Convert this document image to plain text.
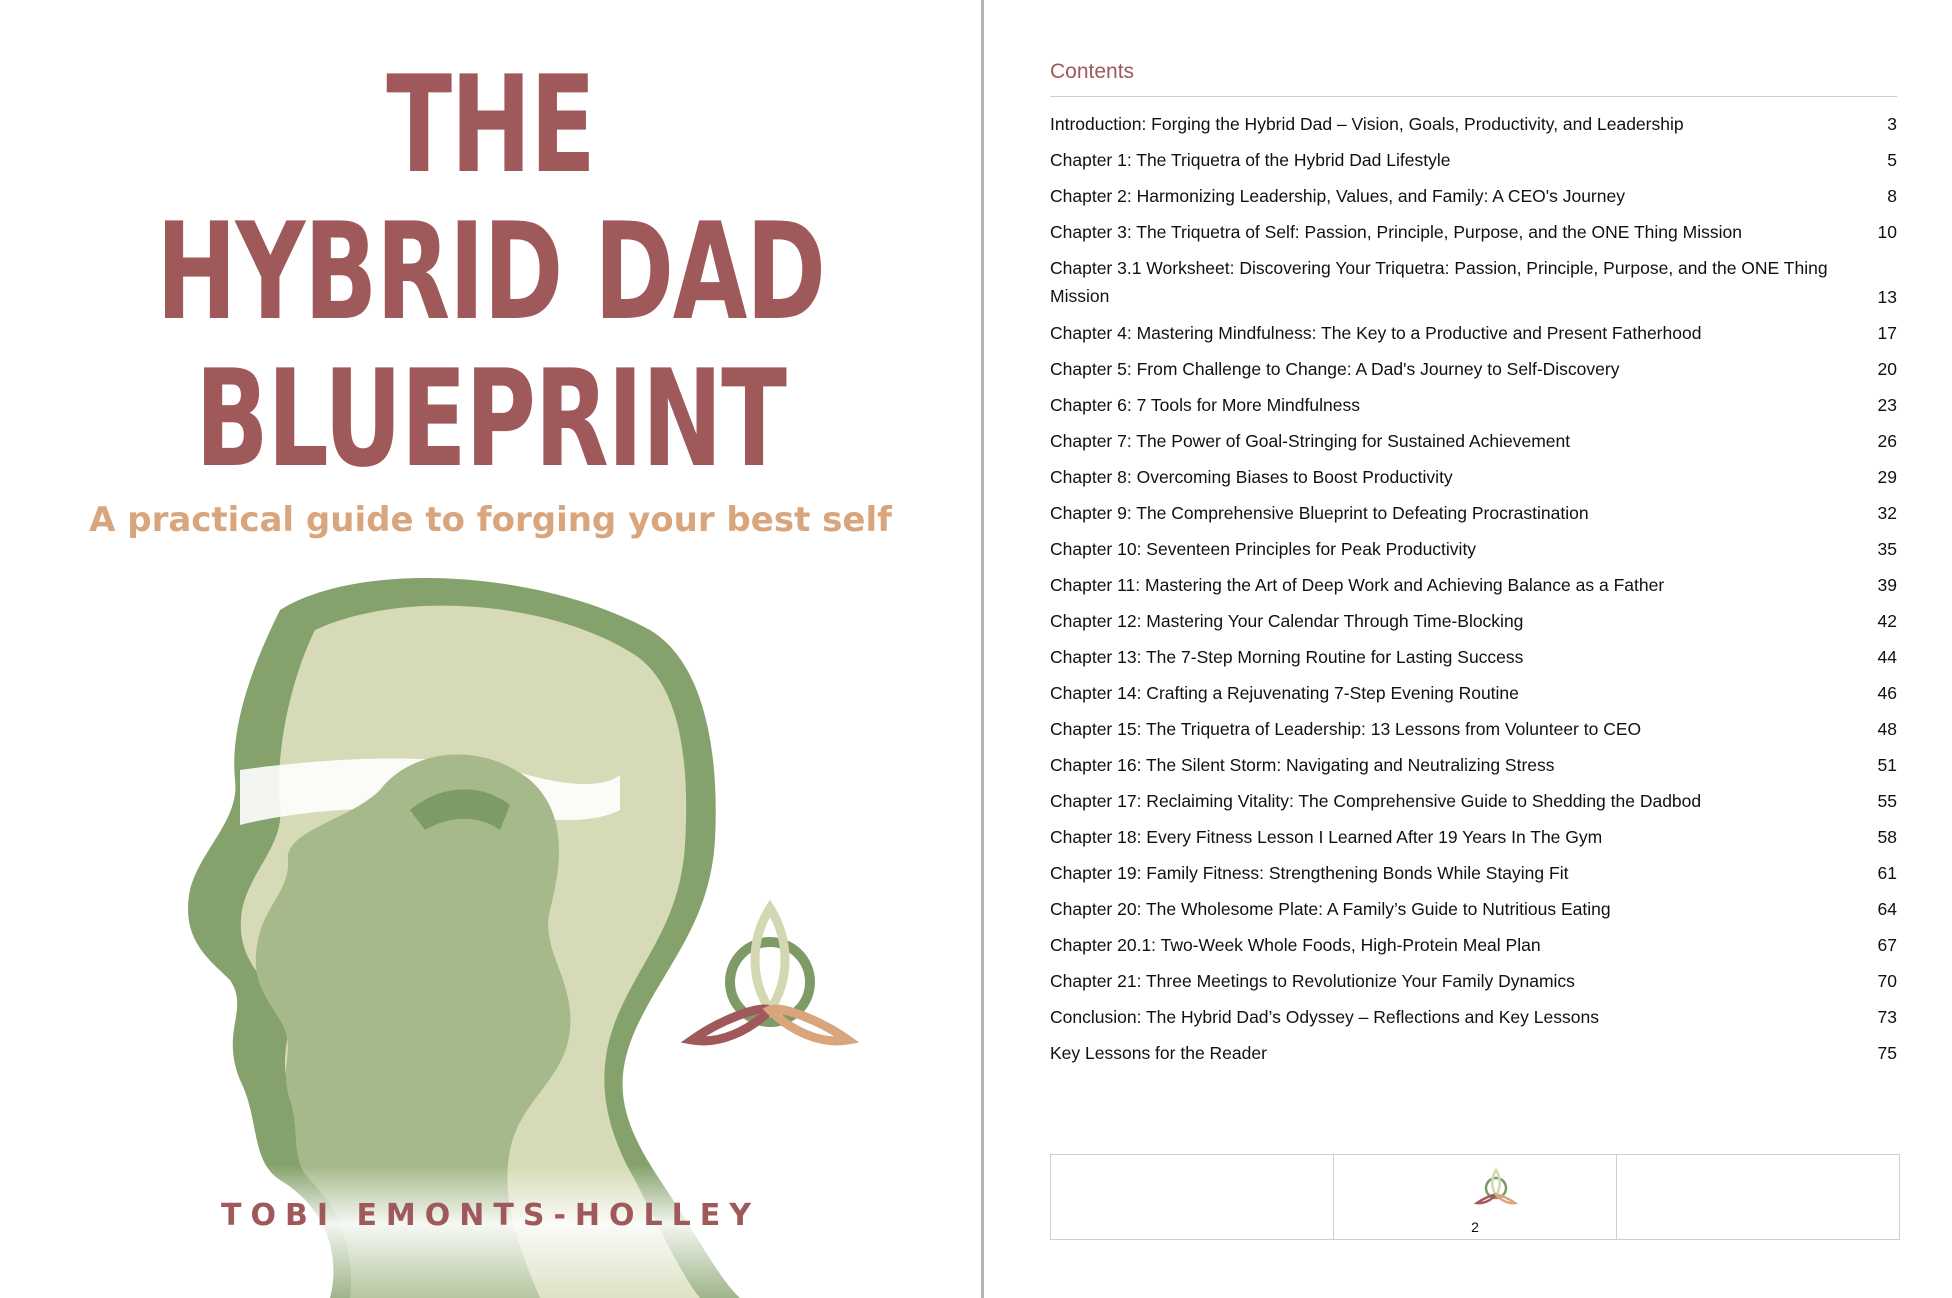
THE
HYBRID DAD
BLUEPRINT
A practical guide to forging your best self
TOBI EMONTS-HOLLEY
Contents
Introduction: Forging the Hybrid Dad – Vision, Goals, Productivity, and Leadership	3
Chapter 1: The Triquetra of the Hybrid Dad Lifestyle	5
Chapter 2: Harmonizing Leadership, Values, and Family: A CEO's Journey	8
Chapter 3: The Triquetra of Self: Passion, Principle, Purpose, and the ONE Thing Mission	10
Chapter 3.1 Worksheet: Discovering Your Triquetra: Passion, Principle, Purpose, and the ONE Thing Mission	13
Chapter 4: Mastering Mindfulness: The Key to a Productive and Present Fatherhood	17
Chapter 5: From Challenge to Change: A Dad's Journey to Self-Discovery	20
Chapter 6: 7 Tools for More Mindfulness	23
Chapter 7: The Power of Goal-Stringing for Sustained Achievement	26
Chapter 8: Overcoming Biases to Boost Productivity	29
Chapter 9: The Comprehensive Blueprint to Defeating Procrastination	32
Chapter 10: Seventeen Principles for Peak Productivity	35
Chapter 11: Mastering the Art of Deep Work and Achieving Balance as a Father	39
Chapter 12: Mastering Your Calendar Through Time-Blocking	42
Chapter 13: The 7-Step Morning Routine for Lasting Success	44
Chapter 14: Crafting a Rejuvenating 7-Step Evening Routine	46
Chapter 15: The Triquetra of Leadership: 13 Lessons from Volunteer to CEO	48
Chapter 16: The Silent Storm: Navigating and Neutralizing Stress	51
Chapter 17: Reclaiming Vitality: The Comprehensive Guide to Shedding the Dadbod	55
Chapter 18: Every Fitness Lesson I Learned After 19 Years In The Gym	58
Chapter 19: Family Fitness: Strengthening Bonds While Staying Fit	61
Chapter 20: The Wholesome Plate: A Family’s Guide to Nutritious Eating	64
Chapter 20.1: Two-Week Whole Foods, High-Protein Meal Plan	67
Chapter 21: Three Meetings to Revolutionize Your Family Dynamics	70
Conclusion: The Hybrid Dad’s Odyssey – Reflections and Key Lessons	73
Key Lessons for the Reader	75
2
